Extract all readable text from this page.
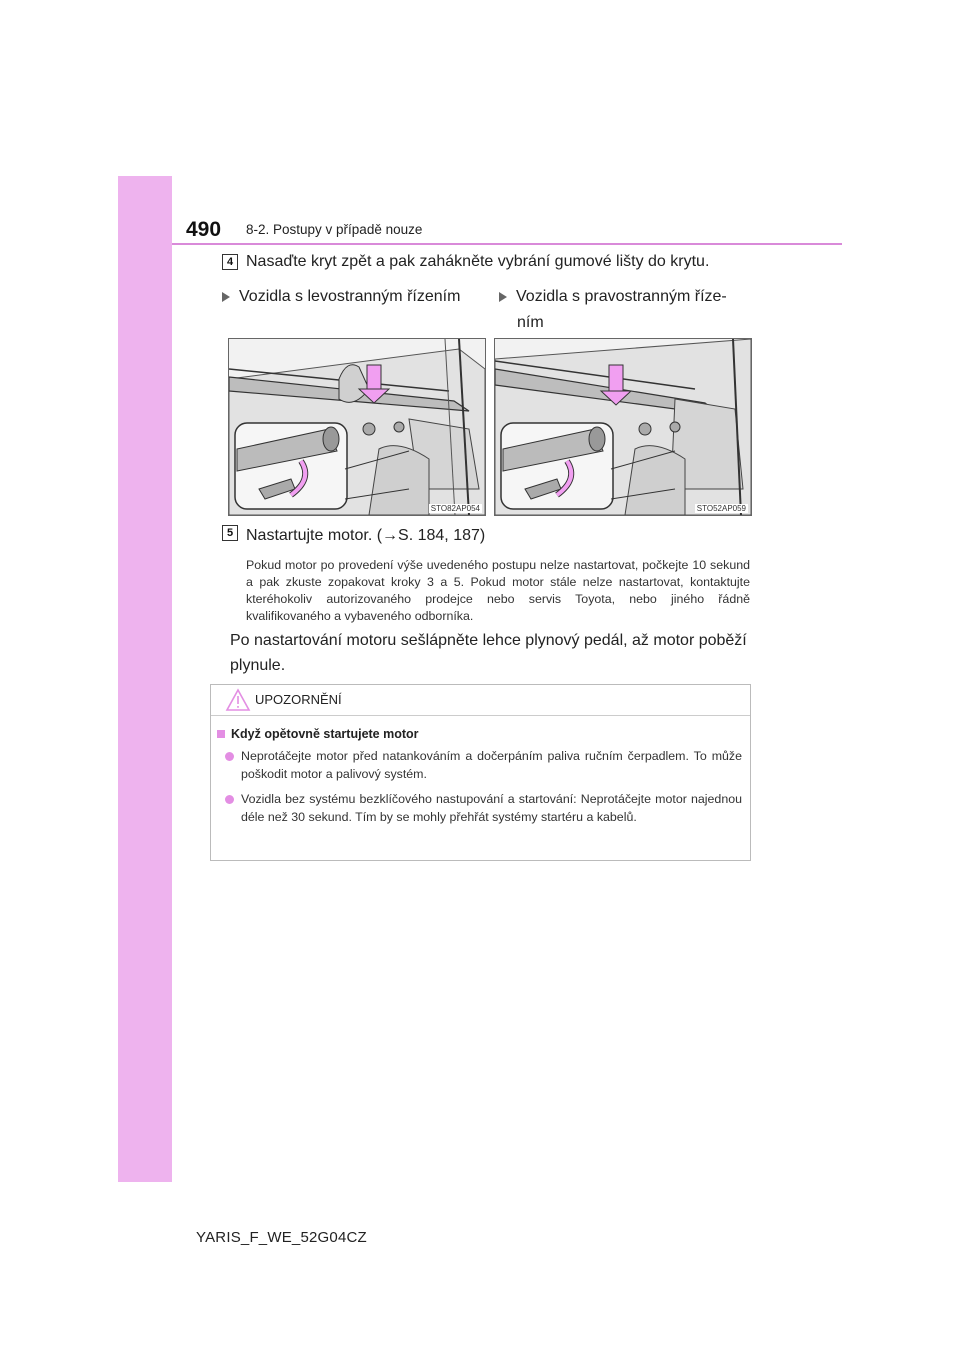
490 8-2. Postupy v případě nouze
4 Nasaďte kryt zpět a pak zahákněte vybrání gumové lišty do krytu.
Vozidla s levostranným řízením	Vozidla s pravostranným říze-
ním
STO82AP054	STO52AP059
5 Nastartujte motor. (→S. 184, 187)
Pokud motor po provedení výše uvedeného postupu nelze nastartovat, počkejte 10 sekund a pak zkuste zopakovat kroky 3 a 5. Pokud motor stále nelze nastartovat, kontaktujte kteréhokoliv autorizovaného prodejce nebo servis Toyota, nebo jiného řádně kvalifikovaného a vybaveného odborníka.
Po nastartování motoru sešlápněte lehce plynový pedál, až motor poběží plynule.
UPOZORNĚNÍ
Když opětovně startujete motor
Neprotáčejte motor před natankováním a dočerpáním paliva ručním čerpadlem. To může poškodit motor a palivový systém.
Vozidla bez systému bezklíčového nastupování a startování: Neprotáčejte motor najednou déle než 30 sekund. Tím by se mohly přehřát systémy startéru a kabelů.
YARIS_F_WE_52G04CZ
